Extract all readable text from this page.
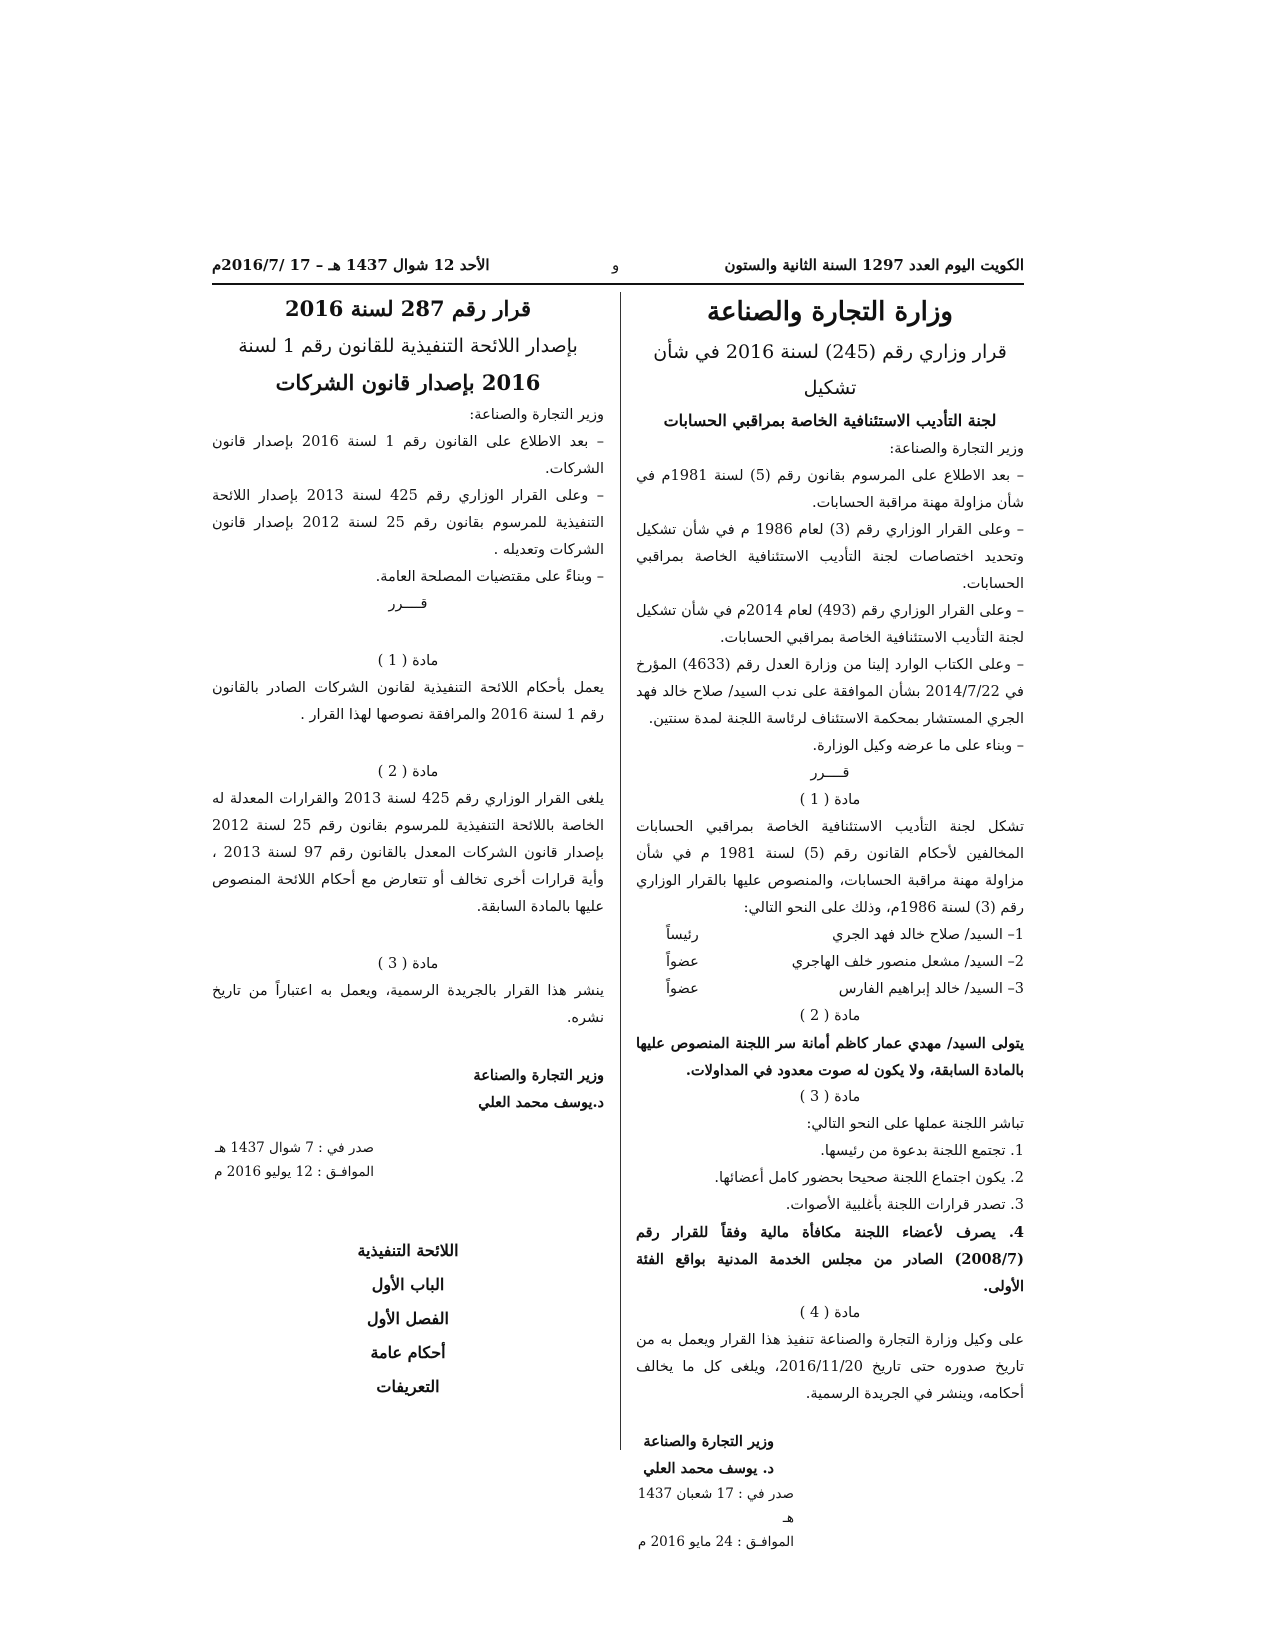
الكويت اليوم العدد 1297 السنة الثانية والستون
و
الأحد 12 شوال 1437 هـ – 17 /2016/7م
وزارة التجارة والصناعة
قرار وزاري رقم (245) لسنة 2016 في شأن تشكيل
لجنة التأديب الاستئنافية الخاصة بمراقبي الحسابات

وزير التجارة والصناعة:

– بعد الاطلاع على المرسوم بقانون رقم (5) لسنة 1981م في شأن مزاولة مهنة مراقبة الحسابات.

– وعلى القرار الوزاري رقم (3) لعام 1986 م في شأن تشكيل وتحديد اختصاصات لجنة التأديب الاستئنافية الخاصة بمراقبي الحسابات.

– وعلى القرار الوزاري رقم (493) لعام 2014م في شأن تشكيل لجنة التأديب الاستئنافية الخاصة بمراقبي الحسابات.

– وعلى الكتاب الوارد إلينا من وزارة العدل رقم (4633) المؤرخ في 2014/7/22 بشأن الموافقة على ندب السيد/ صلاح خالد فهد الجري المستشار بمحكمة الاستئناف لرئاسة اللجنة لمدة سنتين.

– وبناء على ما عرضه وكيل الوزارة.

قــــرر

مادة ( 1 )

تشكل لجنة التأديب الاستئنافية الخاصة بمراقبي الحسابات المخالفين لأحكام القانون رقم (5) لسنة 1981 م في شأن مزاولة مهنة مراقبة الحسابات، والمنصوص عليها بالقرار الوزاري رقم (3) لسنة 1986م، وذلك على النحو التالي:

1– السيد/ صلاح خالد فهد الجري
رئيساً
2– السيد/ مشعل منصور خلف الهاجري
عضواً
3– السيد/ خالد إبراهيم الفارس
عضواً

مادة ( 2 )

يتولى السيد/ مهدي عمار كاظم أمانة سر اللجنة المنصوص عليها بالمادة السابقة، ولا يكون له صوت معدود في المداولات.

مادة ( 3 )

تباشر اللجنة عملها على النحو التالي:

1. تجتمع اللجنة بدعوة من رئيسها.

2. يكون اجتماع اللجنة صحيحا بحضور كامل أعضائها.

3. تصدر قرارات اللجنة بأغلبية الأصوات.

4. يصرف لأعضاء اللجنة مكافأة مالية وفقاً للقرار رقم (2008/7) الصادر من مجلس الخدمة المدنية بواقع الفئة الأولى.

مادة ( 4 )

على وكيل وزارة التجارة والصناعة تنفيذ هذا القرار ويعمل به من تاريخ صدوره حتى تاريخ 2016/11/20، ويلغى كل ما يخالف أحكامه، وينشر في الجريدة الرسمية.

وزير التجارة والصناعة

د. يوسف محمد العلي

صدر في : 17 شعبان 1437 هـ

الموافـق : 24 مايو 2016 م

قرار رقم 287 لسنة 2016
بإصدار اللائحة التنفيذية للقانون رقم 1 لسنة
2016 بإصدار قانون الشركات

وزير التجارة والصناعة:

– بعد الاطلاع على القانون رقم 1 لسنة 2016 بإصدار قانون الشركات.

– وعلى القرار الوزاري رقم 425 لسنة 2013 بإصدار اللائحة التنفيذية للمرسوم بقانون رقم 25 لسنة 2012 بإصدار قانون الشركات وتعديله .

– وبناءً على مقتضيات المصلحة العامة.

قــــرر

مادة ( 1 )

يعمل بأحكام اللائحة التنفيذية لقانون الشركات الصادر بالقانون رقم 1 لسنة 2016 والمرافقة نصوصها لهذا القرار .

مادة ( 2 )

يلغى القرار الوزاري رقم 425 لسنة 2013 والقرارات المعدلة له الخاصة باللائحة التنفيذية للمرسوم بقانون رقم 25 لسنة 2012 بإصدار قانون الشركات المعدل بالقانون رقم 97 لسنة 2013 ، وأية قرارات أخرى تخالف أو تتعارض مع أحكام اللائحة المنصوص عليها بالمادة السابقة.

مادة ( 3 )

ينشر هذا القرار بالجريدة الرسمية، ويعمل به اعتباراً من تاريخ نشره.

وزير التجارة والصناعة

د.يوسف محمد العلي

صدر في : 7 شوال 1437 هـ

الموافـق : 12 يوليو 2016 م

اللائحة التنفيذية

الباب الأول

الفصل الأول

أحكام عامة

التعريفات
